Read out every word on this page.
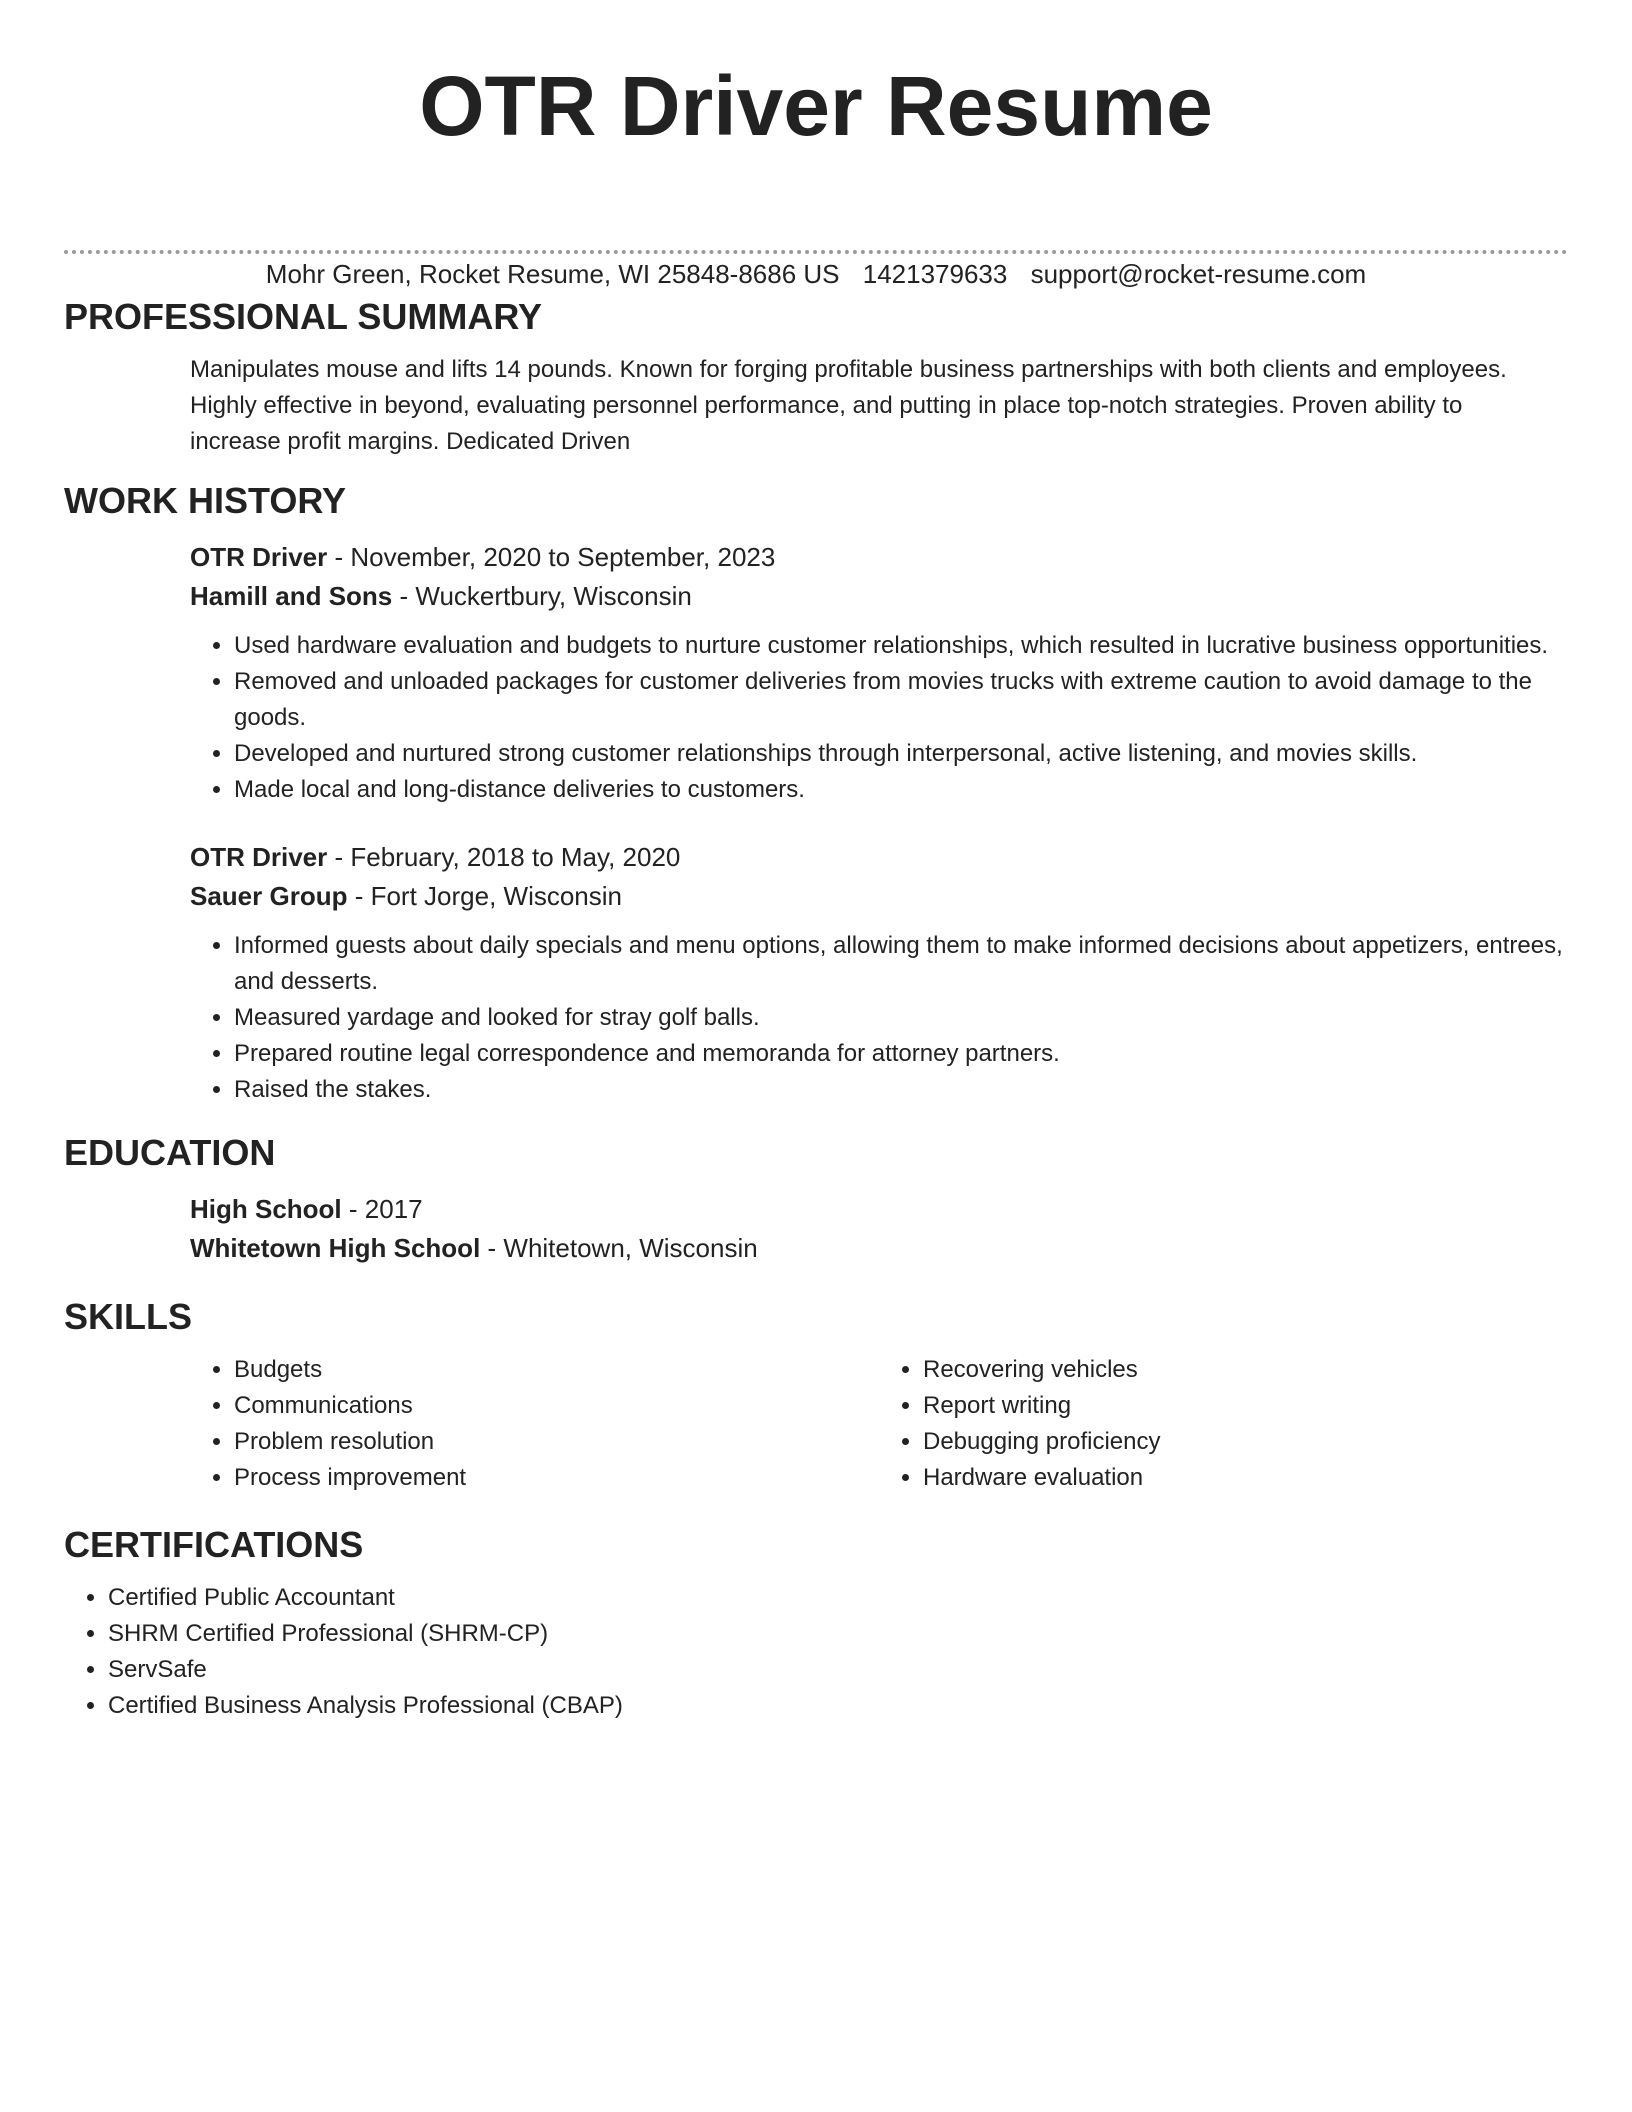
OTR Driver Resume
Mohr Green, Rocket Resume, WI 25848-8686 US 1421379633 support@rocket-resume.com
PROFESSIONAL SUMMARY

Manipulates mouse and lifts 14 pounds. Known for forging profitable business partnerships with both clients and employees. Highly effective in beyond, evaluating personnel performance, and putting in place top-notch strategies. Proven ability to increase profit margins. Dedicated Driven

WORK HISTORY
OTR Driver - November, 2020 to September, 2023
Hamill and Sons - Wuckertbury, Wisconsin
• Used hardware evaluation and budgets to nurture customer relationships, which resulted in lucrative business opportunities.
• Removed and unloaded packages for customer deliveries from movies trucks with extreme caution to avoid damage to the goods.
• Developed and nurtured strong customer relationships through interpersonal, active listening, and movies skills.
• Made local and long-distance deliveries to customers.
OTR Driver - February, 2018 to May, 2020
Sauer Group - Fort Jorge, Wisconsin
• Informed guests about daily specials and menu options, allowing them to make informed decisions about appetizers, entrees, and desserts.
• Measured yardage and looked for stray golf balls.
• Prepared routine legal correspondence and memoranda for attorney partners.
• Raised the stakes.
EDUCATION
High School - 2017
Whitetown High School - Whitetown, Wisconsin
SKILLS
• Budgets
• Communications
• Problem resolution
• Process improvement
• Recovering vehicles
• Report writing
• Debugging proficiency
• Hardware evaluation
CERTIFICATIONS
• Certified Public Accountant
• SHRM Certified Professional (SHRM-CP)
• ServSafe
• Certified Business Analysis Professional (CBAP)
